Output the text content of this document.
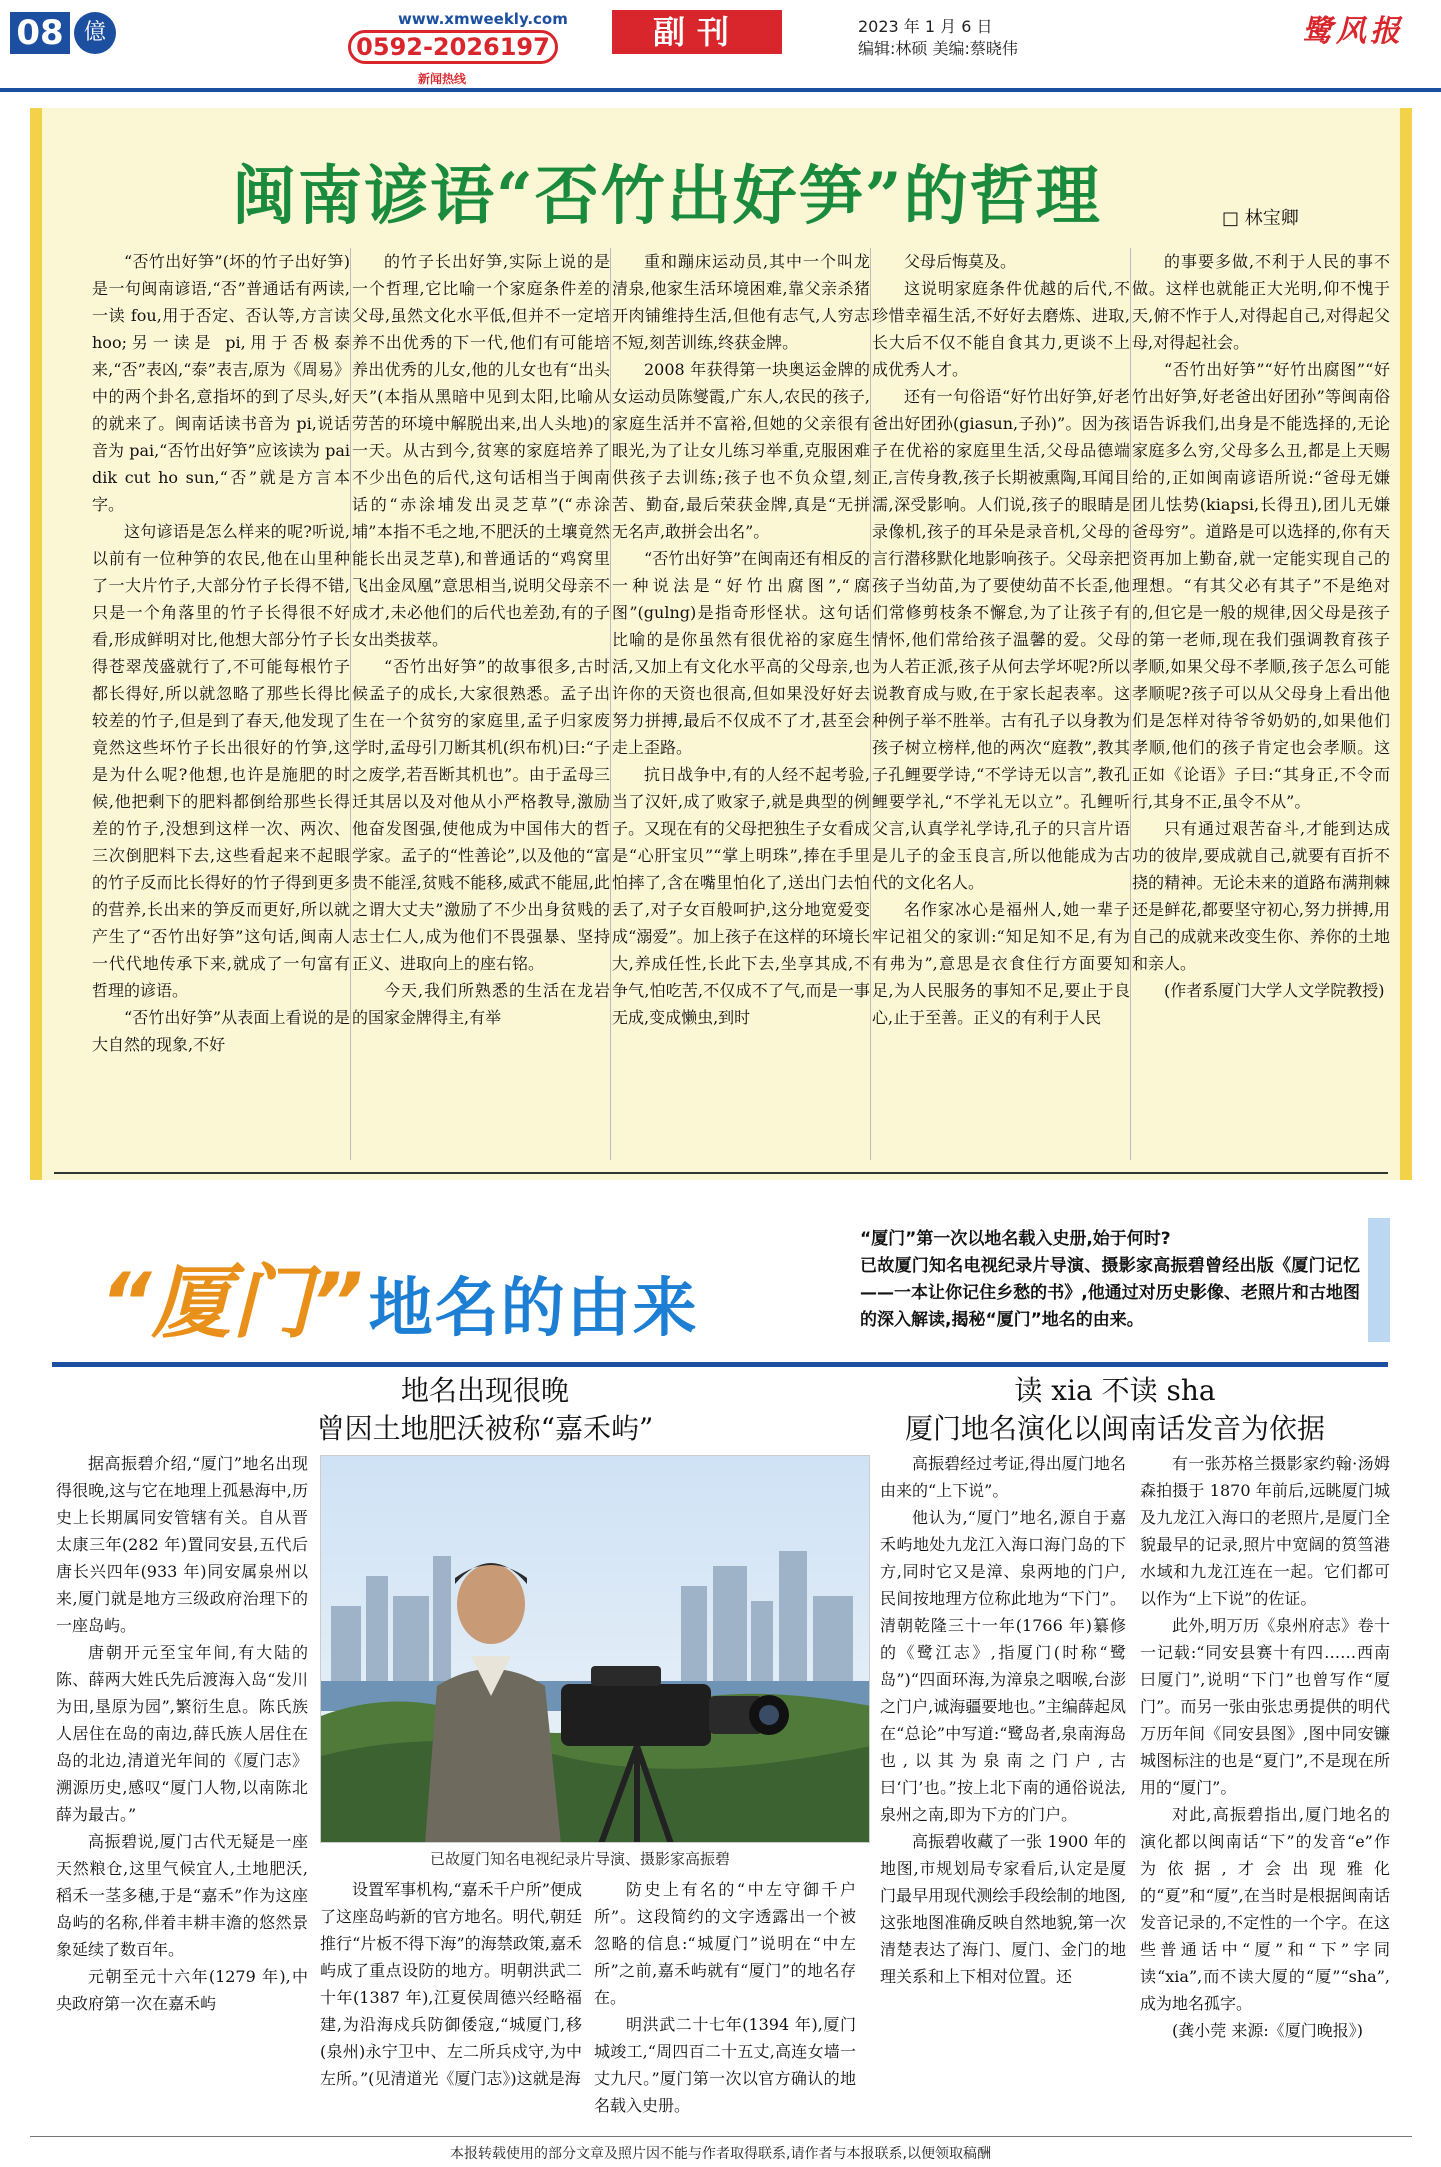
08 億
www.xmweekly.com
0592-2026197
新闻热线
副刊	2023 年 1 月 6 日
编辑:林硕 美编:蔡晓伟	鹭风报
闽南谚语“否竹出好笋”的哲理	□ 林宝卿

“否竹出好笋”(坏的竹子出好笋)是一句闽南谚语,“否”普通话有两读,一读 fou,用于否定、否认等,方言读 hoo;另一读是 pi,用于否极泰来,“否”表凶,“泰”表吉,原为《周易》中的两个卦名,意指坏的到了尽头,好的就来了。闽南话读书音为 pi,说话音为 pai,“否竹出好笋”应该读为 pai dik cut ho sun,“否”就是方言本字。

这句谚语是怎么样来的呢?听说,以前有一位种笋的农民,他在山里种了一大片竹子,大部分竹子长得不错,只是一个角落里的竹子长得很不好看,形成鲜明对比,他想大部分竹子长得苍翠茂盛就行了,不可能每根竹子都长得好,所以就忽略了那些长得比较差的竹子,但是到了春天,他发现了竟然这些坏竹子长出很好的竹笋,这是为什么呢?他想,也许是施肥的时候,他把剩下的肥料都倒给那些长得差的竹子,没想到这样一次、两次、三次倒肥料下去,这些看起来不起眼的竹子反而比长得好的竹子得到更多的营养,长出来的笋反而更好,所以就产生了“否竹出好笋”这句话,闽南人一代代地传承下来,就成了一句富有哲理的谚语。

“否竹出好笋”从表面上看说的是大自然的现象,不好

的竹子长出好笋,实际上说的是一个哲理,它比喻一个家庭条件差的父母,虽然文化水平低,但并不一定培养不出优秀的下一代,他们有可能培养出优秀的儿女,他的儿女也有“出头天”(本指从黑暗中见到太阳,比喻从劳苦的环境中解脱出来,出人头地)的一天。从古到今,贫寒的家庭培养了不少出色的后代,这句话相当于闽南话的“赤涂埔发出灵芝草”(“赤涂埔”本指不毛之地,不肥沃的土壤竟然能长出灵芝草),和普通话的“鸡窝里飞出金凤凰”意思相当,说明父母亲不成才,未必他们的后代也差劲,有的子女出类拔萃。

“否竹出好笋”的故事很多,古时候孟子的成长,大家很熟悉。孟子出生在一个贫穷的家庭里,孟子归家废学时,孟母引刀断其机(织布机)曰:“子之废学,若吾断其机也”。由于孟母三迁其居以及对他从小严格教导,激励他奋发图强,使他成为中国伟大的哲学家。孟子的“性善论”,以及他的“富贵不能淫,贫贱不能移,威武不能屈,此之谓大丈夫”激励了不少出身贫贱的志士仁人,成为他们不畏强暴、坚持正义、进取向上的座右铭。

今天,我们所熟悉的生活在龙岩的国家金牌得主,有举

重和蹦床运动员,其中一个叫龙清泉,他家生活环境困难,靠父亲杀猪开肉铺维持生活,但他有志气,人穷志不短,刻苦训练,终获金牌。

2008 年获得第一块奥运金牌的女运动员陈燮霞,广东人,农民的孩子,家庭生活并不富裕,但她的父亲很有眼光,为了让女儿练习举重,克服困难供孩子去训练;孩子也不负众望,刻苦、勤奋,最后荣获金牌,真是“无拼无名声,敢拼会出名”。

“否竹出好笋”在闽南还有相反的一种说法是“好竹出腐图”,“腐图”(gulng)是指奇形怪状。这句话比喻的是你虽然有很优裕的家庭生活,又加上有文化水平高的父母亲,也许你的天资也很高,但如果没好好去努力拼搏,最后不仅成不了才,甚至会走上歪路。

抗日战争中,有的人经不起考验,当了汉奸,成了败家子,就是典型的例子。又现在有的父母把独生子女看成是“心肝宝贝”“掌上明珠”,捧在手里怕摔了,含在嘴里怕化了,送出门去怕丢了,对子女百般呵护,这分地宽爱变成“溺爱”。加上孩子在这样的环境长大,养成任性,长此下去,坐享其成,不争气,怕吃苦,不仅成不了气,而是一事无成,变成懒虫,到时

父母后悔莫及。

这说明家庭条件优越的后代,不珍惜幸福生活,不好好去磨炼、进取,长大后不仅不能自食其力,更谈不上成优秀人才。

还有一句俗语“好竹出好笋,好老爸出好团孙(giasun,子孙)”。因为孩子在优裕的家庭里生活,父母品德端正,言传身教,孩子长期被熏陶,耳闻目濡,深受影响。人们说,孩子的眼睛是录像机,孩子的耳朵是录音机,父母的言行潜移默化地影响孩子。父母亲把孩子当幼苗,为了要使幼苗不长歪,他们常修剪枝条不懈怠,为了让孩子有情怀,他们常给孩子温馨的爱。父母为人若正派,孩子从何去学坏呢?所以说教育成与败,在于家长起表率。这种例子举不胜举。古有孔子以身教为孩子树立榜样,他的两次“庭教”,教其子孔鲤要学诗,“不学诗无以言”,教孔鲤要学礼,“不学礼无以立”。孔鲤听父言,认真学礼学诗,孔子的只言片语是儿子的金玉良言,所以他能成为古代的文化名人。

名作家冰心是福州人,她一辈子牢记祖父的家训:“知足知不足,有为有弗为”,意思是衣食住行方面要知足,为人民服务的事知不足,要止于良心,止于至善。正义的有利于人民

的事要多做,不利于人民的事不做。这样也就能正大光明,仰不愧于天,俯不怍于人,对得起自己,对得起父母,对得起社会。

“否竹出好笋”“好竹出腐图”“好竹出好笋,好老爸出好团孙”等闽南俗语告诉我们,出身是不能选择的,无论家庭多么穷,父母多么丑,都是上天赐给的,正如闽南谚语所说:“爸母无嫌团儿怯势(kiapsi,长得丑),团儿无嫌爸母穷”。道路是可以选择的,你有天资再加上勤奋,就一定能实现自己的理想。“有其父必有其子”不是绝对的,但它是一般的规律,因父母是孩子的第一老师,现在我们强调教育孩子孝顺,如果父母不孝顺,孩子怎么可能孝顺呢?孩子可以从父母身上看出他们是怎样对待爷爷奶奶的,如果他们孝顺,他们的孩子肯定也会孝顺。这正如《论语》子曰:“其身正,不令而行,其身不正,虽令不从”。

只有通过艰苦奋斗,才能到达成功的彼岸,要成就自己,就要有百折不挠的精神。无论未来的道路布满荆棘还是鲜花,都要坚守初心,努力拼搏,用自己的成就来改变生你、养你的土地和亲人。

(作者系厦门大学人文学院教授)

“厦门” 地名的由来
“厦门”第一次以地名载入史册,始于何时?
已故厦门知名电视纪录片导演、摄影家高振碧曾经出版《厦门记忆——一本让你记住乡愁的书》,他通过对历史影像、老照片和古地图的深入解读,揭秘“厦门”地名的由来。
地名出现很晚
曾因土地肥沃被称“嘉禾屿”
读 xia 不读 sha
厦门地名演化以闽南话发音为依据
已故厦门知名电视纪录片导演、摄影家高振碧

据高振碧介绍,“厦门”地名出现得很晚,这与它在地理上孤悬海中,历史上长期属同安管辖有关。自从晋太康三年(282 年)置同安县,五代后唐长兴四年(933 年)同安属泉州以来,厦门就是地方三级政府治理下的一座岛屿。

唐朝开元至宝年间,有大陆的陈、薛两大姓氏先后渡海入岛“发川为田,垦原为园”,繁衍生息。陈氏族人居住在岛的南边,薛氏族人居住在岛的北边,清道光年间的《厦门志》溯源历史,感叹“厦门人物,以南陈北薛为最古。”

高振碧说,厦门古代无疑是一座天然粮仓,这里气候宜人,土地肥沃,稻禾一茎多穗,于是“嘉禾”作为这座岛屿的名称,伴着丰耕丰澹的悠然景象延续了数百年。

元朝至元十六年(1279 年),中央政府第一次在嘉禾屿

设置军事机构,“嘉禾千户所”便成了这座岛屿新的官方地名。明代,朝廷推行“片板不得下海”的海禁政策,嘉禾屿成了重点设防的地方。明朝洪武二十年(1387 年),江夏侯周德兴经略福建,为沿海戍兵防御倭寇,“城厦门,移(泉州)永宁卫中、左二所兵戍守,为中左所。”(见清道光《厦门志》)这就是海

防史上有名的“中左守御千户所”。这段简约的文字透露出一个被忽略的信息:“城厦门”说明在“中左所”之前,嘉禾屿就有“厦门”的地名存在。

明洪武二十七年(1394 年),厦门城竣工,“周四百二十五丈,高连女墙一丈九尺。”厦门第一次以官方确认的地名载入史册。

高振碧经过考证,得出厦门地名由来的“上下说”。

他认为,“厦门”地名,源自于嘉禾屿地处九龙江入海口海门岛的下方,同时它又是漳、泉两地的门户,民间按地理方位称此地为“下门”。清朝乾隆三十一年(1766 年)纂修的《鹭江志》,指厦门(时称“鹭岛”)“四面环海,为漳泉之咽喉,台澎之门户,诚海疆要地也。”主编薛起凤在“总论”中写道:“鹭岛者,泉南海岛也,以其为泉南之门户,古曰‘门’也。”按上北下南的通俗说法,泉州之南,即为下方的门户。

高振碧收藏了一张 1900 年的地图,市规划局专家看后,认定是厦门最早用现代测绘手段绘制的地图,这张地图准确反映自然地貌,第一次清楚表达了海门、厦门、金门的地理关系和上下相对位置。还

有一张苏格兰摄影家约翰·汤姆森拍摄于 1870 年前后,远眺厦门城及九龙江入海口的老照片,是厦门全貌最早的记录,照片中宽阔的筼筜港水域和九龙江连在一起。它们都可以作为“上下说”的佐证。

此外,明万历《泉州府志》卷十一记载:“同安县赛十有四……西南曰厦门”,说明“下门”也曾写作“厦门”。而另一张由张忠勇提供的明代万历年间《同安县图》,图中同安镰城图标注的也是“夏门”,不是现在所用的“厦门”。

对此,高振碧指出,厦门地名的演化都以闽南话“下”的发音“e”作为依据,才会出现雅化的“夏”和“厦”,在当时是根据闽南话发音记录的,不定性的一个字。在这些普通话中“厦”和“下”字同读“xia”,而不读大厦的“厦”“sha”,成为地名孤字。

(龚小莞 来源:《厦门晚报》)

本报转载使用的部分文章及照片因不能与作者取得联系,请作者与本报联系,以便领取稿酬
